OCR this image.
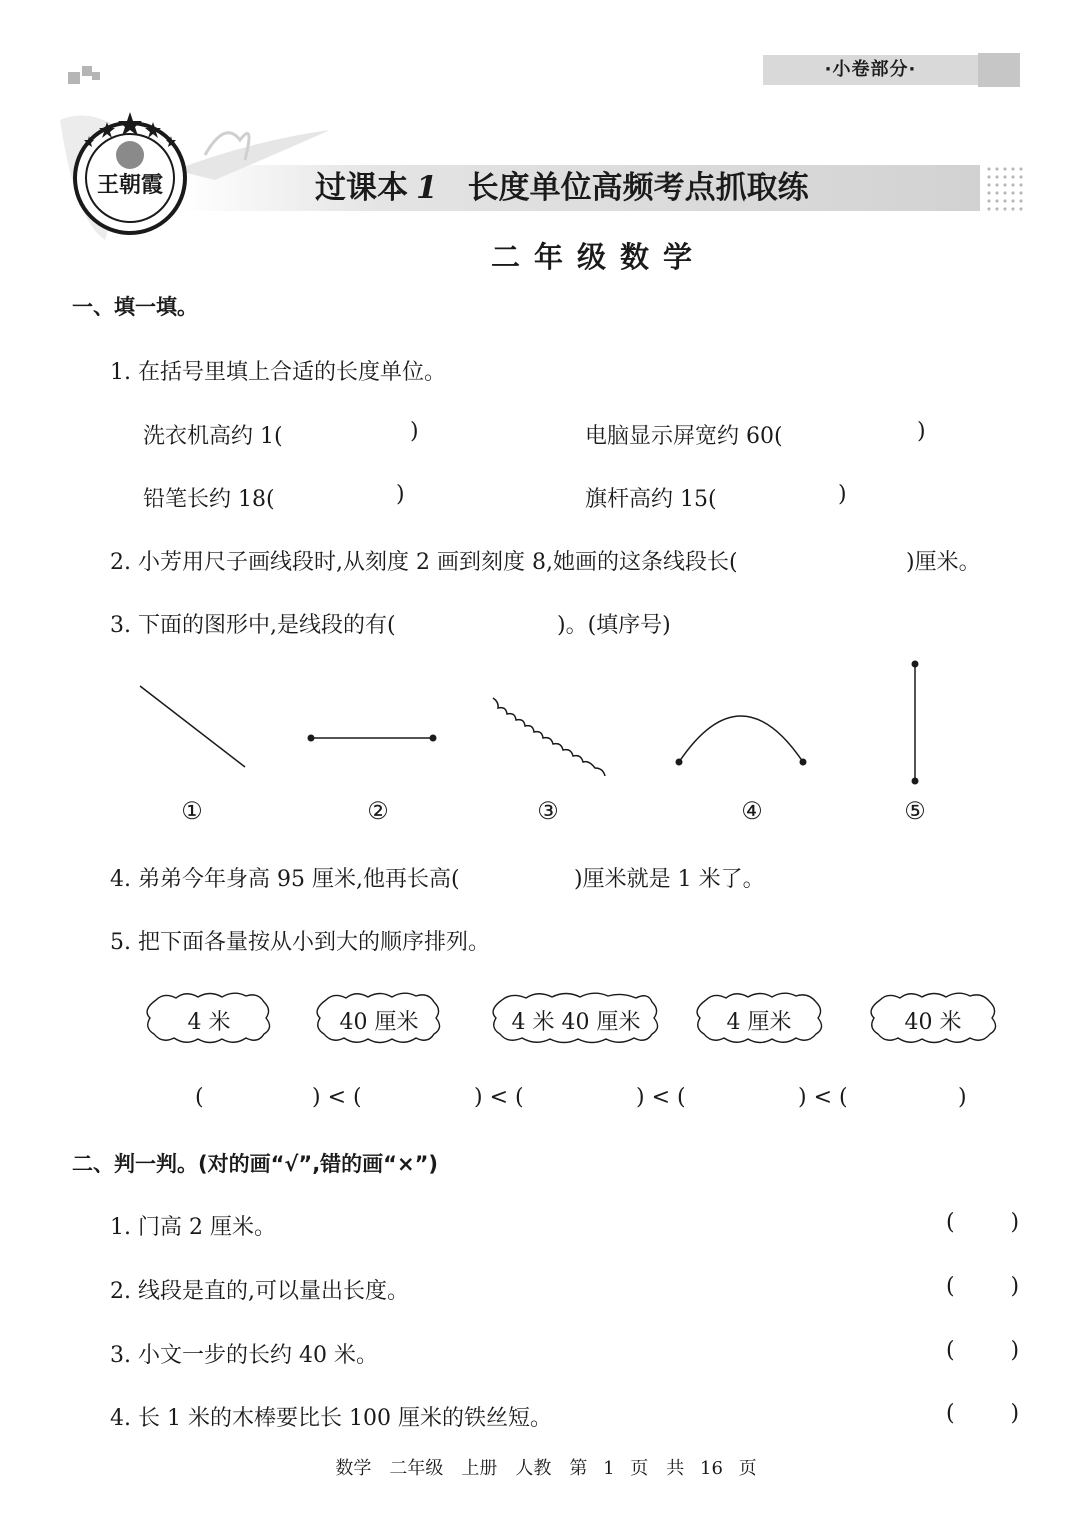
·小卷部分·
王朝霞	过课本 1 长度单位高频考点抓取练
二年级数学
一、填一填。
1. 在括号里填上合适的长度单位。
洗衣机高约 1(	)	电脑显示屏宽约 60(	)
铅笔长约 18(	)	旗杆高约 15(	)
2. 小芳用尺子画线段时,从刻度 2 画到刻度 8,她画的这条线段长(	)厘米。
3. 下面的图形中,是线段的有(	)。(填序号)
①	②	③	④	⑤
4. 弟弟今年身高 95 厘米,他再长高(	)厘米就是 1 米了。
5. 把下面各量按从小到大的顺序排列。
4 米	40 厘米	4 米 40 厘米	4 厘米	40 米
(	) < (	) < (	) < (	) < (	)
二、判一判。(对的画“√”,错的画“×”)
1. 门高 2 厘米。	(        )
2. 线段是直的,可以量出长度。	(        )
3. 小文一步的长约 40 米。	(        )
4. 长 1 米的木棒要比长 100 厘米的铁丝短。	(        )
数学　二年级　上册　人教　第 1 页　共 16 页
